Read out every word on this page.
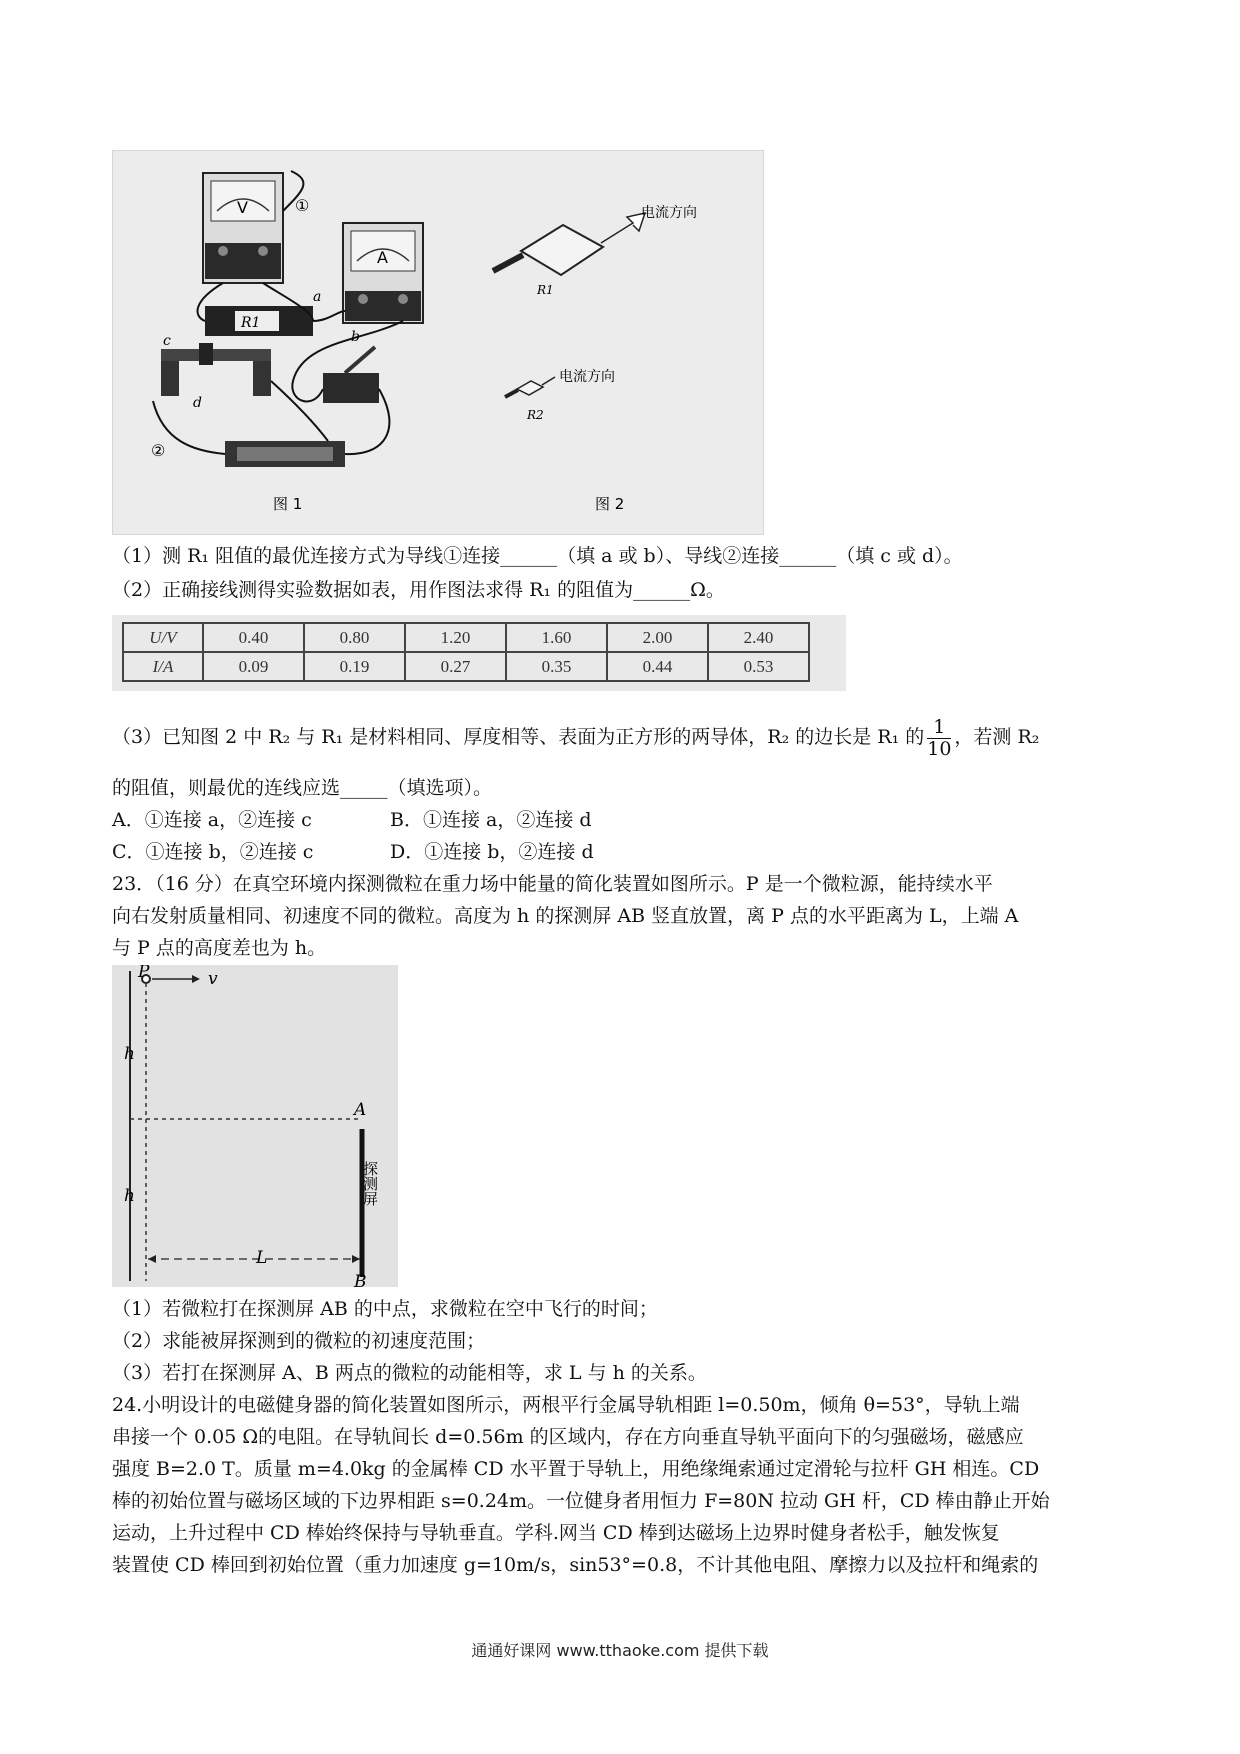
V
A
R1
①
②
a
b
c
d
电流方向
R1
电流方向
R2
图 1	图 2
（1）测 R₁ 阻值的最优连接方式为导线①连接______（填 a 或 b）、导线②连接______（填 c 或 d）。
（2）正确接线测得实验数据如表，用作图法求得 R₁ 的阻值为______Ω。
U/V	0.40	0.80	1.20	1.60	2.00	2.40
I/A	0.09	0.19	0.27	0.35	0.44	0.53
（3）已知图 2 中 R₂ 与 R₁ 是材料相同、厚度相等、表面为正方形的两导体，R₂ 的边长是 R₁ 的 $\frac{1}{10}$ ，若测 R₂
的阻值，则最优的连线应选_____（填选项）。
A．①连接 a，②连接 c	B．①连接 a，②连接 d
C．①连接 b，②连接 c	D．①连接 b，②连接 d
23．（16 分）在真空环境内探测微粒在重力场中能量的简化装置如图所示。P 是一个微粒源，能持续水平
向右发射质量相同、初速度不同的微粒。高度为 h 的探测屏 AB 竖直放置，离 P 点的水平距离为 L，上端 A
与 P 点的高度差也为 h。
P	v
A
B
h
h
L
探测屏
（1）若微粒打在探测屏 AB 的中点，求微粒在空中飞行的时间；
（2）求能被屏探测到的微粒的初速度范围；
（3）若打在探测屏 A、B 两点的微粒的动能相等，求 L 与 h 的关系。
24.小明设计的电磁健身器的简化装置如图所示，两根平行金属导轨相距 l=0.50m，倾角 θ=53°，导轨上端
串接一个 0.05 Ω的电阻。在导轨间长 d=0.56m 的区域内，存在方向垂直导轨平面向下的匀强磁场，磁感应
强度 B=2.0 T。质量 m=4.0kg 的金属棒 CD 水平置于导轨上，用绝缘绳索通过定滑轮与拉杆 GH 相连。CD
棒的初始位置与磁场区域的下边界相距 s=0.24m。一位健身者用恒力 F=80N 拉动 GH 杆，CD 棒由静止开始
运动，上升过程中 CD 棒始终保持与导轨垂直。学科.网当 CD 棒到达磁场上边界时健身者松手，触发恢复
装置使 CD 棒回到初始位置（重力加速度 g=10m/s，sin53°=0.8，不计其他电阻、摩擦力以及拉杆和绳索的
通通好课网 www.tthaoke.com 提供下载
